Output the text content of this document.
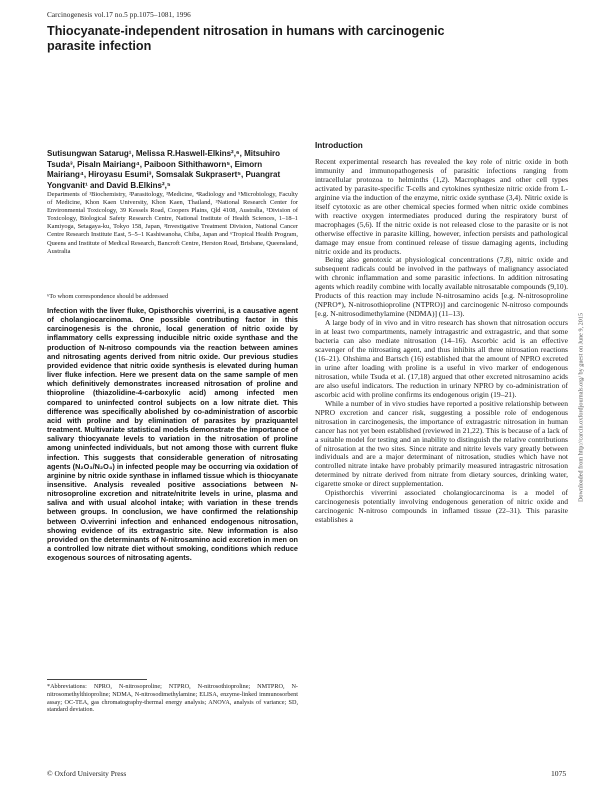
Carcinogenesis vol.17 no.5 pp.1075–1081, 1996
Thiocyanate-independent nitrosation in humans with carcinogenic parasite infection
Sutisungwan Satarug¹, Melissa R.Haswell-Elkins²,⁶, Mitsuhiro Tsuda³, Pisaln Mairiang⁴, Paiboon Sithithaworn⁵, Eimorn Mairiang⁴, Hiroyasu Esumi³, Somsalak Sukprasert⁵, Puangrat Yongvanit¹ and David B.Elkins²,⁵
Departments of ¹Biochemistry, ²Parasitology, ³Medicine, ⁴Radiology and ⁵Microbiology, Faculty of Medicine, Khon Kaen University, Khon Kaen, Thailand, ³National Research Center for Environmental Toxicology, 39 Kessels Road, Coopers Plains, Qld 4108, Australia, ³Division of Toxicology, Biological Safety Research Centre, National Institute of Health Sciences, 1–18–1 Kamiyoga, Setagaya-ku, Tokyo 158, Japan, ³Investigative Treatment Division, National Cancer Centre Research Institute East, 5–5–1 Kashiwanoha, Chiba, Japan and ⁶Tropical Health Program, Queens and Institute of Medical Research, Bancroft Centre, Herston Road, Brisbane, Queensland, Australia
⁶To whom correspondence should be addressed
Infection with the liver fluke, Opisthorchis viverrini, is a causative agent of cholangiocarcinoma. One possible contributing factor in this carcinogenesis is the chronic, local generation of nitric oxide by inflammatory cells expressing inducible nitric oxide synthase and the production of N-nitroso compounds via the reaction between amines and nitrosating agents derived from nitric oxide. Our previous studies provided evidence that nitric oxide synthesis is elevated during human liver fluke infection. Here we present data on the same sample of men which definitively demonstrates increased nitrosation of proline and thioproline (thiazolidine-4-carboxylic acid) among infected men compared to uninfected control subjects on a low nitrate diet. This difference was specifically abolished by co-administration of ascorbic acid with proline and by elimination of parasites by praziquantel treatment. Multivariate statistical models demonstrate the importance of salivary thiocyanate levels to variation in the nitrosation of proline among uninfected individuals, but not among those with current fluke infection. This suggests that considerable generation of nitrosating agents (N₂O₃/N₂O₄) in infected people may be occurring via oxidation of arginine by nitric oxide synthase in inflamed tissue which is thiocyanate insensitive. Analysis revealed positive associations between N-nitrosoproline excretion and nitrate/nitrite levels in urine, plasma and saliva and with usual alcohol intake; with variation in these trends between groups. In conclusion, we have confirmed the relationship between O.viverrini infection and enhanced endogenous nitrosation, showing evidence of its extragastric site. New information is also provided on the determinants of N-nitrosamino acid excretion in men on a controlled low nitrate diet without smoking, conditions which reduce exogenous sources of nitrosating agents.
*Abbreviations: NPRO, N-nitrosoproline; NTPRO, N-nitrosothioproline; NMTPRO, N-nitrosomethylthioproline; NDMA, N-nitrosodimethylamine; ELISA, enzyme-linked immunosorbent assay; OC-TEA, gas chromatography-thermal energy analysis; ANOVA, analysis of variance; SD, standard deviation.
© Oxford University Press	1075
Introduction

Recent experimental research has revealed the key role of nitric oxide in both immunity and immunopathogenesis of parasitic infections ranging from intracellular protozoa to helminths (1,2). Macrophages and other cell types activated by parasite-specific T-cells and cytokines synthesize nitric oxide from L-arginine via the induction of the enzyme, nitric oxide synthase (3,4). Nitric oxide is itself cytotoxic as are other chemical species formed when nitric oxide combines with reactive oxygen intermediates produced during the respiratory burst of macrophages (5,6). If the nitric oxide is not released close to the parasite or is not otherwise effective in parasite killing, however, infection persists and pathological damage may ensue from continued release of tissue damaging agents, including nitric oxide and its products.

Being also genotoxic at physiological concentrations (7,8), nitric oxide and subsequent radicals could be involved in the pathways of malignancy associated with chronic inflammation and some parasitic infections. In addition nitrosating agents which readily combine with locally available nitrosatable compounds (9,10). Products of this reaction may include N-nitrosamino acids [e.g. N-nitrosoproline (NPRO*), N-nitrosothioproline (NTPRO)] and carcinogenic N-nitroso compounds [e.g. N-nitrosodimethylamine (NDMA)] (11–13).

A large body of in vivo and in vitro research has shown that nitrosation occurs in at least two compartments, namely intragastric and extragastric, and that some bacteria can also mediate nitrosation (14–16). Ascorbic acid is an effective scavenger of the nitrosating agent, and thus inhibits all three nitrosation reactions (16–21). Ohshima and Bartsch (16) established that the amount of NPRO excreted in urine after loading with proline is a useful in vivo marker of endogenous nitrosation, while Tsuda et al. (17,18) argued that other excreted nitrosamino acids are also useful indicators. The reduction in urinary NPRO by co-administration of ascorbic acid with proline confirms its endogenous origin (19–21).

While a number of in vivo studies have reported a positive relationship between NPRO excretion and cancer risk, suggesting a possible role of endogenous nitrosation in carcinogenesis, the importance of extragastric nitrosation in human cancer has not yet been established (reviewed in 21,22). This is because of a lack of a suitable model for testing and an inability to distinguish the relative contributions of nitrosation at the two sites. Since nitrate and nitrite levels vary greatly between individuals and are a major determinant of nitrosation, studies which have not controlled nitrate intake have probably primarily measured intragastric nitrosation determined by nitrate derived from nitrate from dietary sources, drinking water, cigarette smoke or direct supplementation.

Opisthorchis viverrini associated cholangiocarcinoma is a model of carcinogenesis potentially involving endogenous generation of nitric oxide and carcinogenic N-nitroso compounds in inflamed tissue (22–31). This parasite establishes a

Downloaded from http://carcin.oxfordjournals.org/ by guest on June 9, 2015
